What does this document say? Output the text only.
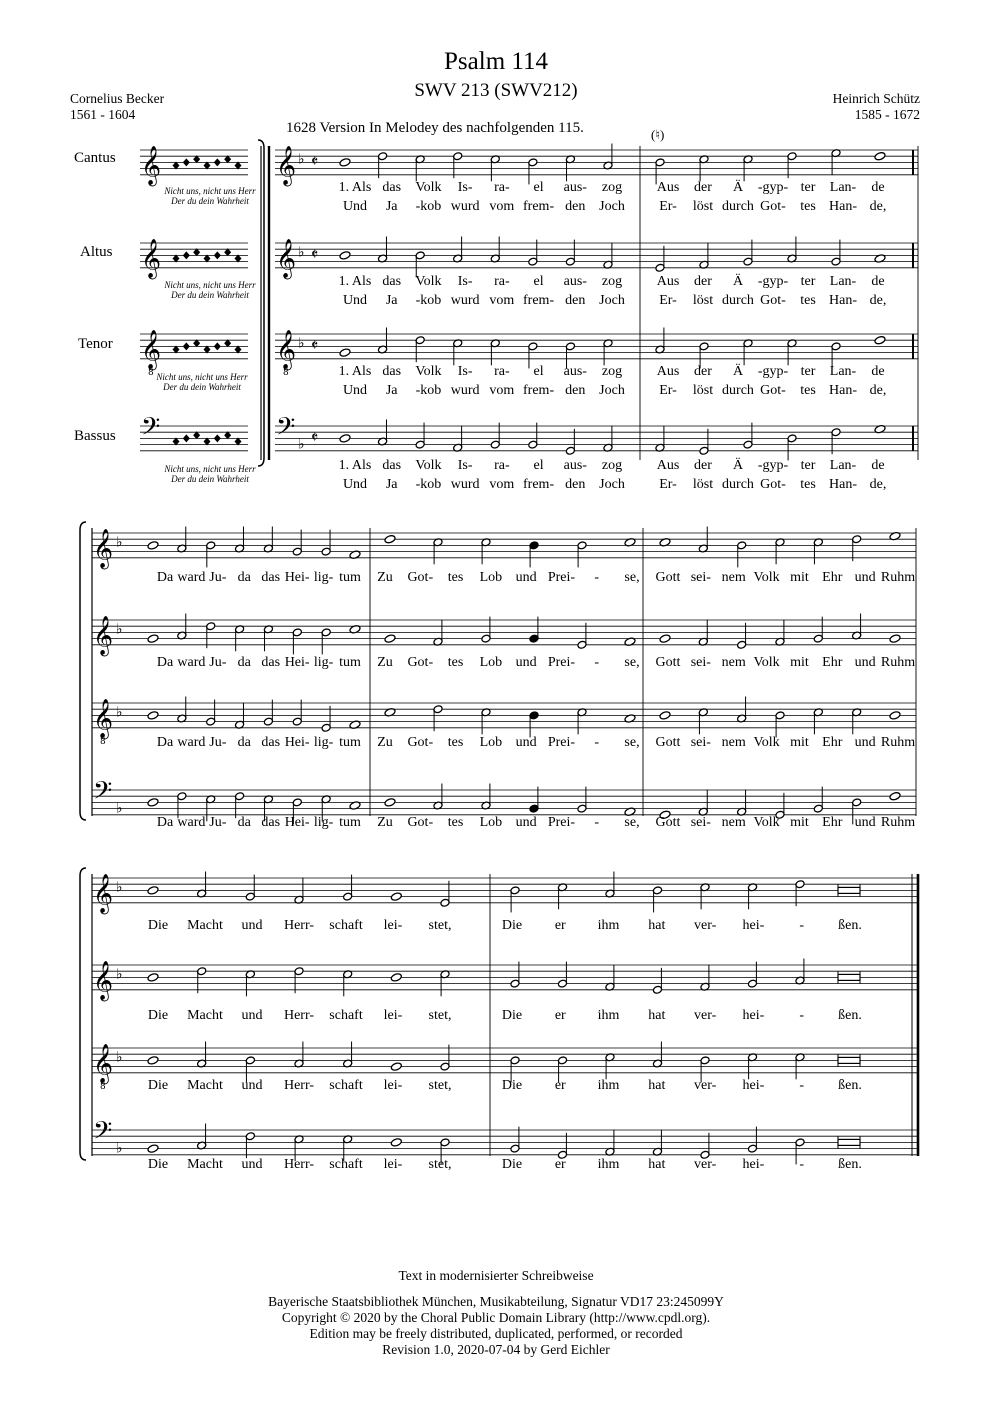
Psalm 114
SWV 213 (SWV212)
Cornelius Becker
1561 - 1604
Heinrich Schütz
1585 - 1672
1628 Version In Melodey des nachfolgenden 115.	(♮)
Cantus
Altus
Tenor
Bassus
Nicht uns, nicht uns Herr
Der du dein Wahrheit
Nicht uns, nicht uns Herr
Der du dein Wahrheit
Nicht uns, nicht uns Herr
Der du dein Wahrheit
Nicht uns, nicht uns Herr
Der du dein Wahrheit
𝄞	𝄞 ♭ 𝄵
𝄞	𝄞 ♭ 𝄵
𝄞
8
𝄞
8
♭ 𝄵
𝄢	𝄢 ♭ 𝄵
𝄞 ♭
𝄞 ♭
𝄞
8
♭
𝄢 ♭
𝄞 ♭
𝄞 ♭
𝄞
8
♭
𝄢 ♭
1. Als das	Volk	Is-	ra-	el	aus-	zog	Aus	der	Ä	-gyp- ter	Lan-	de
Und	Ja	-kob wurd vom frem- den Joch	Er-	löst durch Got-	tes Han- de,
1. Als das	Volk	Is-	ra-	el	aus-	zog	Aus	der	Ä	-gyp- ter	Lan-	de
Und	Ja	-kob wurd vom frem- den Joch	Er-	löst durch Got-	tes Han- de,
1. Als das	Volk	Is-	ra-	el	aus-	zog	Aus	der	Ä	-gyp- ter	Lan-	de
Und	Ja	-kob wurd vom frem- den Joch	Er-	löst durch Got-	tes Han- de,
1. Als das	Volk	Is-	ra-	el	aus-	zog	Aus	der	Ä	-gyp- ter	Lan-	de
Und	Ja	-kob wurd vom frem- den Joch	Er-	löst durch Got-	tes Han- de,
Da ward Ju- da das Hei- lig- tum	Zu	Got-	tes	Lob und Prei-	-	se,	Gott sei- nem Volk mit Ehr und Ruhm
Da ward Ju- da das Hei- lig- tum	Zu	Got-	tes	Lob und Prei-	-	se,	Gott sei- nem Volk mit Ehr und Ruhm
Da ward Ju- da das Hei- lig- tum	Zu	Got-	tes	Lob und Prei-	-	se,	Gott sei- nem Volk mit Ehr und Ruhm
Da ward Ju- da das Hei- lig- tum	Zu	Got-	tes	Lob und Prei-	-	se,	Gott sei- nem Volk mit Ehr und Ruhm
Die	Macht	und	Herr-	schaft	lei-	stet,	Die	er	ihm	hat	ver-	hei-	-	ßen.
Die	Macht	und	Herr-	schaft	lei-	stet,	Die	er	ihm	hat	ver-	hei-	-	ßen.
Die	Macht	und	Herr-	schaft	lei-	stet,	Die	er	ihm	hat	ver-	hei-	-	ßen.
Die	Macht	und	Herr-	schaft	lei-	stet,	Die	er	ihm	hat	ver-	hei-	-	ßen.
Text in modernisierter Schreibweise
Bayerische Staatsbibliothek München, Musikabteilung, Signatur VD17 23:245099Y
Copyright © 2020 by the Choral Public Domain Library (http://www.cpdl.org).
Edition may be freely distributed, duplicated, performed, or recorded
Revision 1.0, 2020-07-04 by Gerd Eichler
